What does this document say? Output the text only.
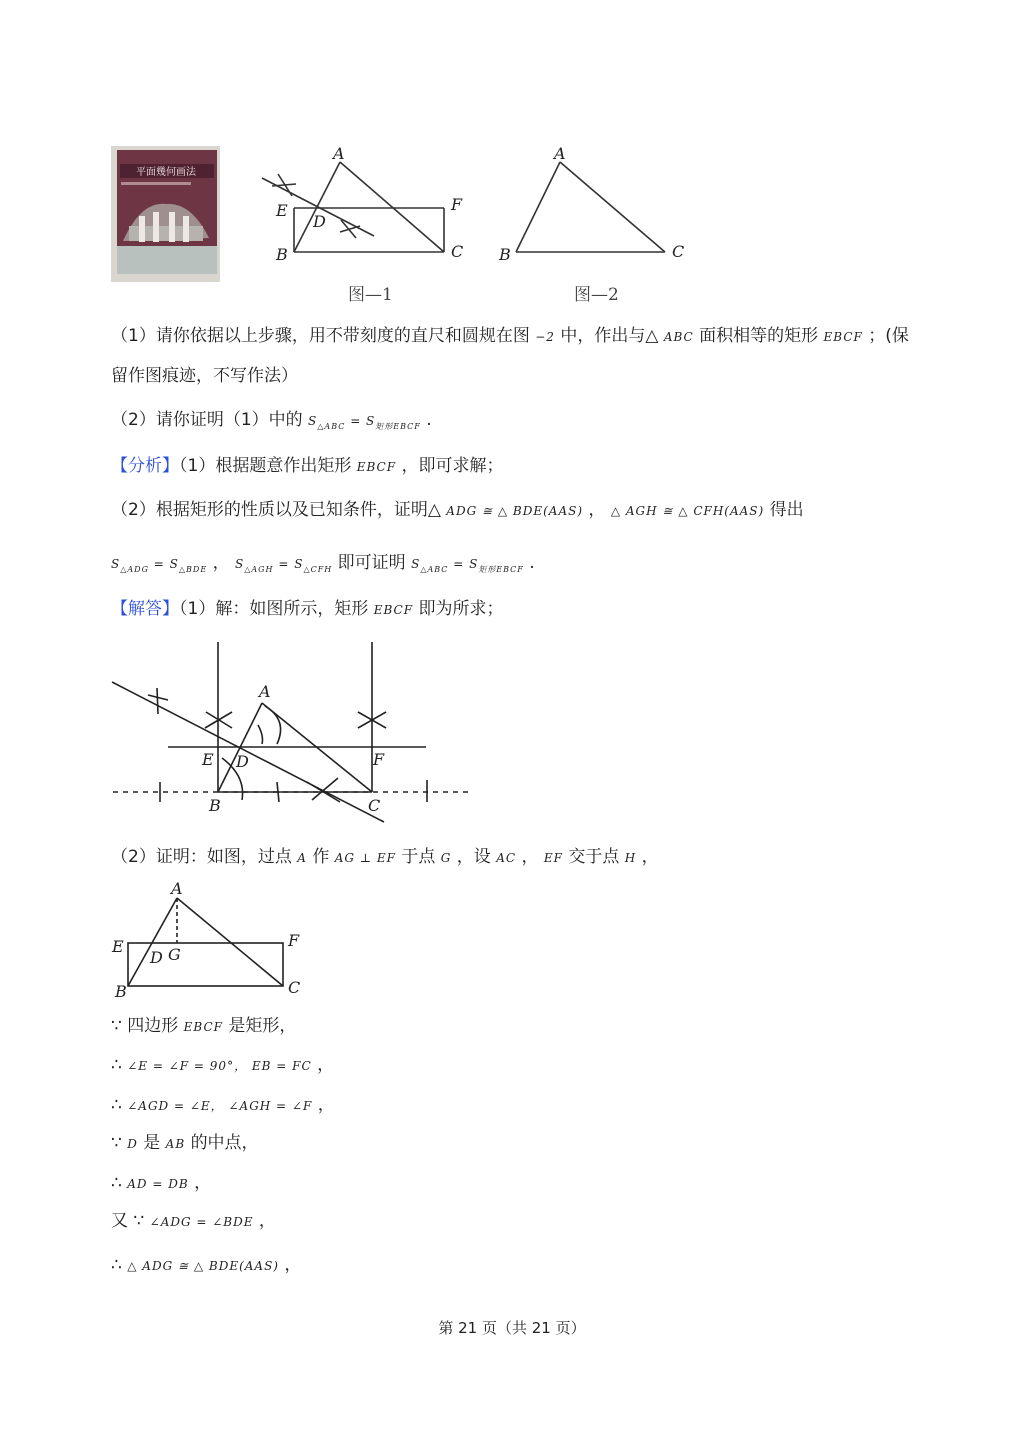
平面幾何画法
A
E
D
B
F
C
图—1
A
B	C
图—2
（1）请你依据以上步骤，用不带刻度的直尺和圆规在图 −2 中，作出与△ ABC 面积相等的矩形 EBCF ；(保
留作图痕迹，不写作法）
（2）请你证明（1）中的 $S_{\triangle ABC} = S_{矩形EBCF}$ .
【分析】（1）根据题意作出矩形 EBCF ，即可求解；
（2）根据矩形的性质以及已知条件，证明△ ADG ≅ △ BDE(AAS) ， △ AGH ≅ △ CFH(AAS) 得出
$S_{\triangle ADG} = S_{\triangle BDE}$ ， $S_{\triangle AGH} = S_{\triangle CFH}$ 即可证明 $S_{\triangle ABC} = S_{矩形EBCF}$ .
【解答】（1）解：如图所示，矩形 EBCF 即为所求；
A
E D
B
F
C
（2）证明：如图，过点 A 作 AG ⊥ EF 于点 G ，设 AC ， EF 交于点 H ，
A
E
D G
B
F
C
∵ 四边形 EBCF 是矩形，
∴ ∠E = ∠F = 90°， EB = FC ，
∴ ∠AGD = ∠E， ∠AGH = ∠F ，
∵ D 是 AB 的中点，
∴ AD = DB ，
又 ∵ ∠ADG = ∠BDE ，
∴ △ ADG ≅ △ BDE(AAS) ，
第 21 页（共 21 页）
